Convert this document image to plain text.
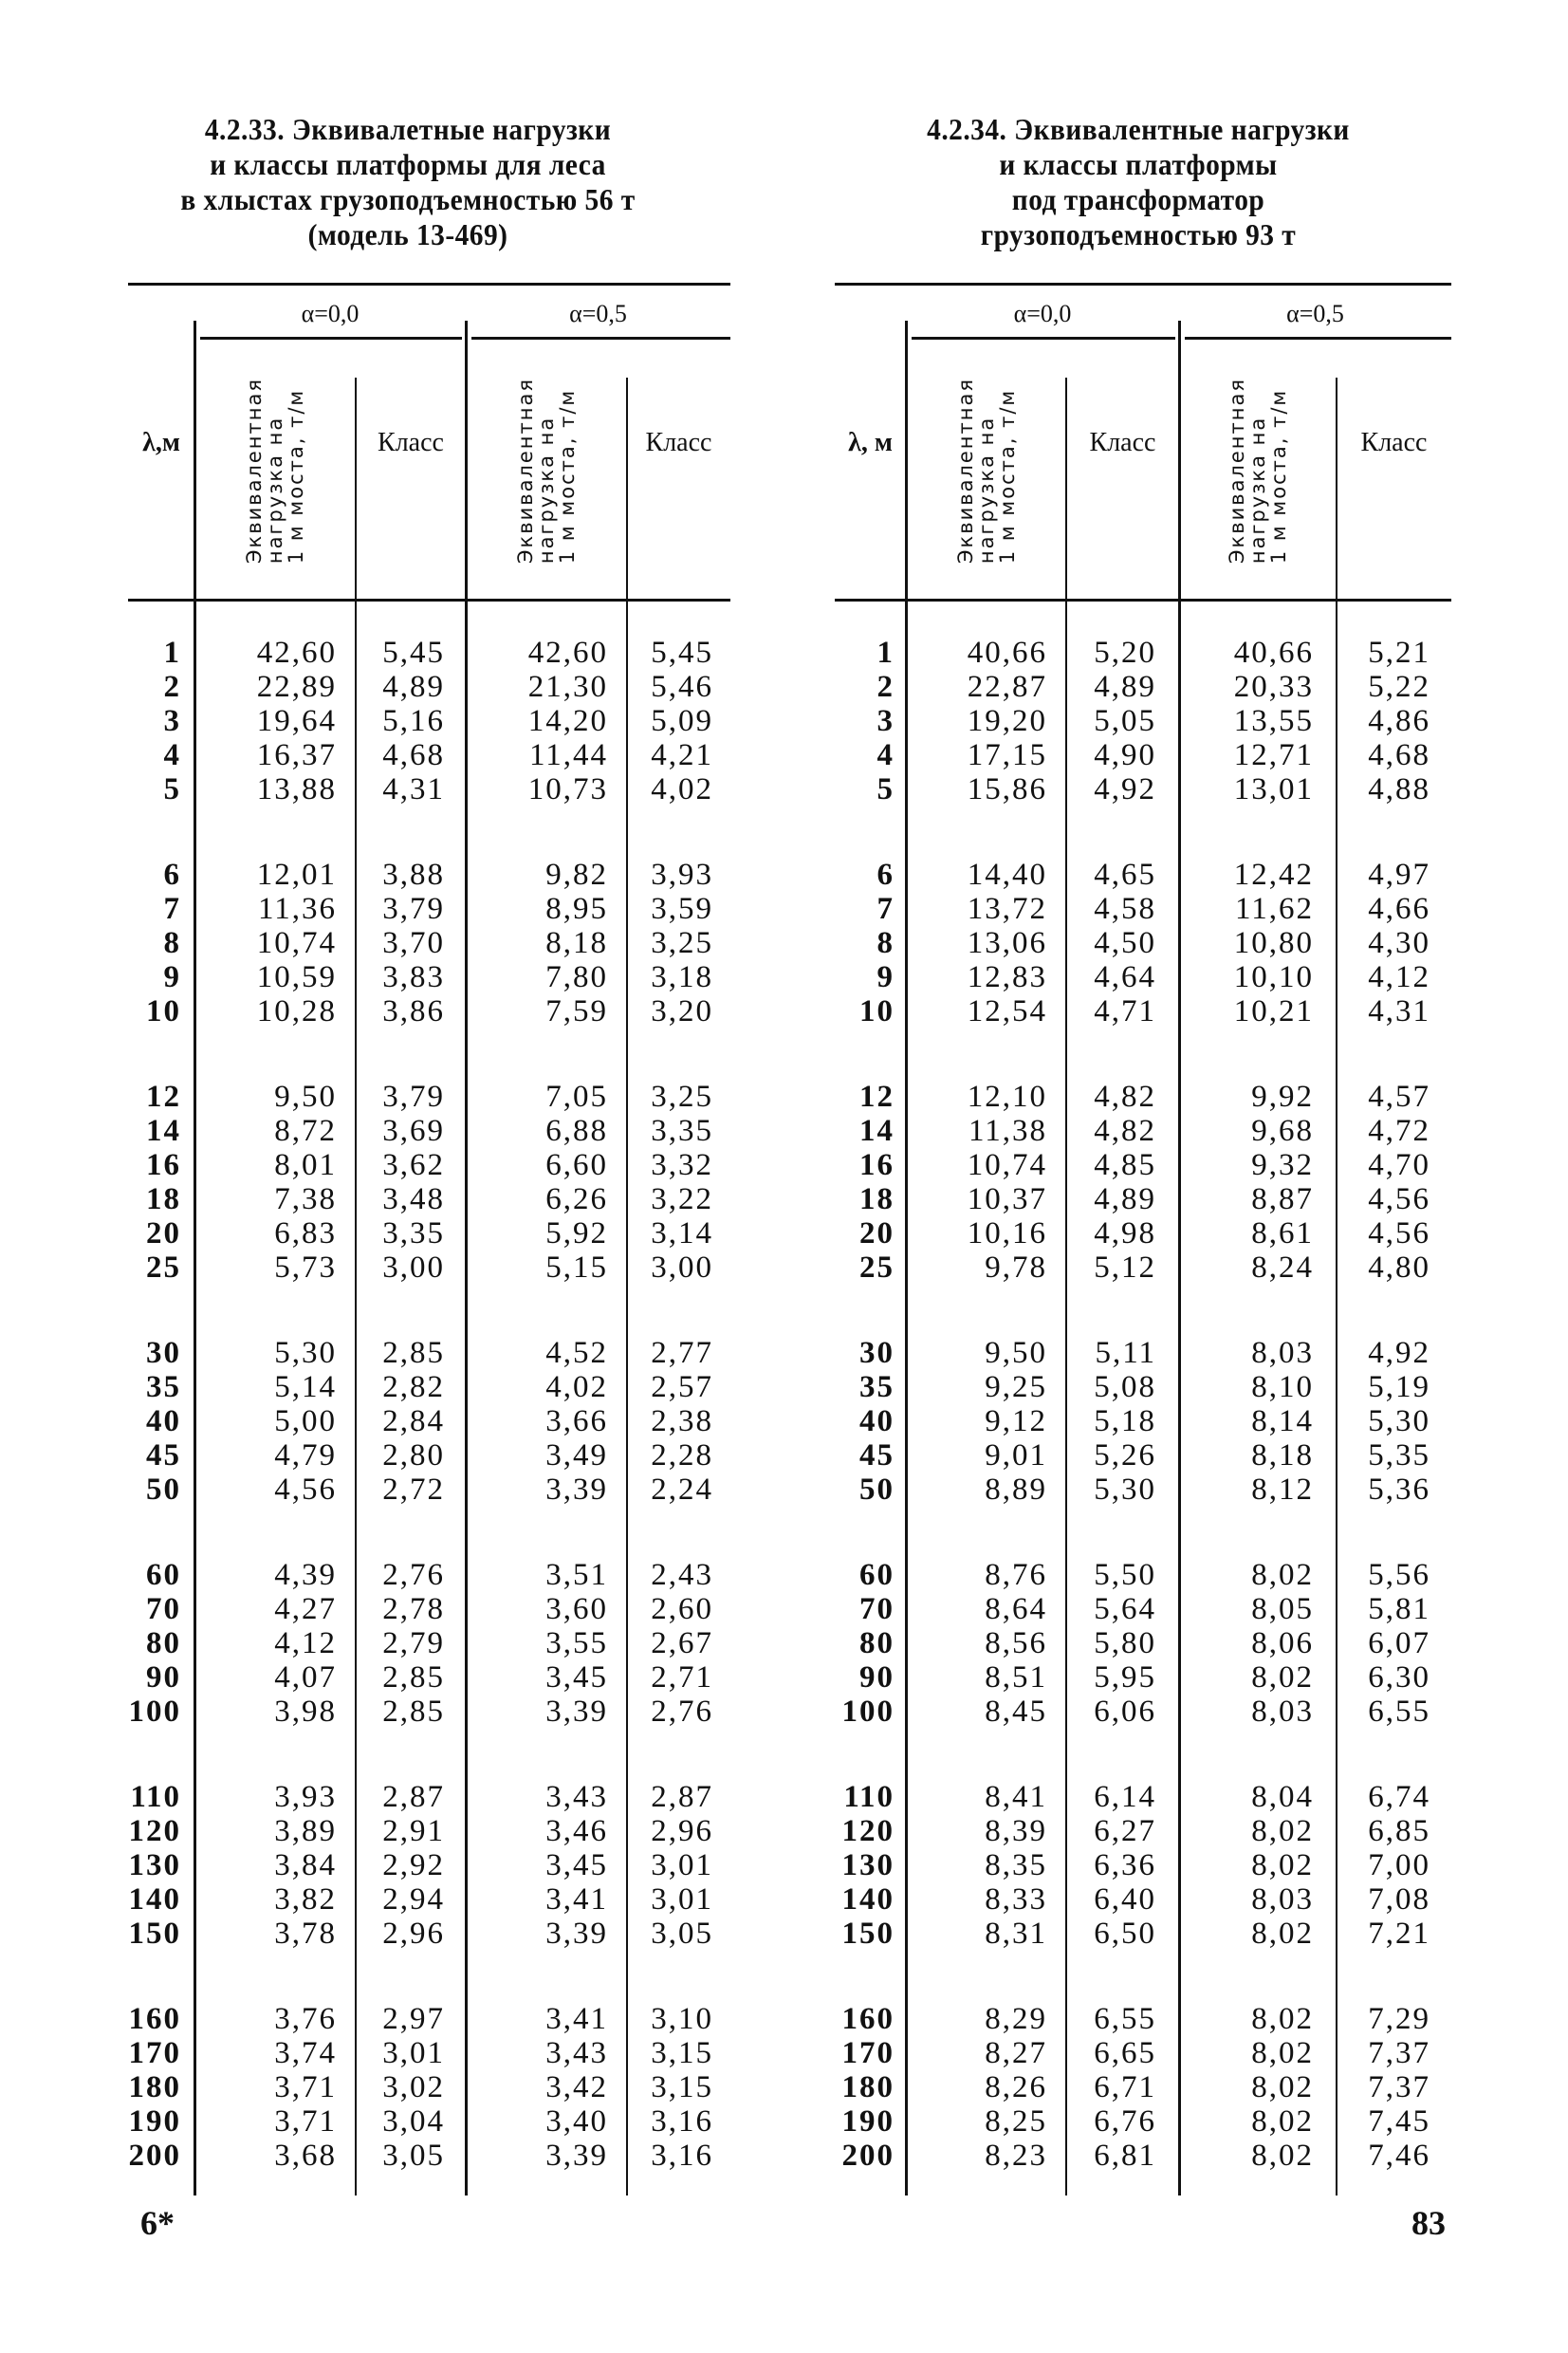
4.2.33. Эквивалетные нагрузки
и классы платформы для леса
в хлыстах грузоподъемностью 56 т
(модель 13-469)
4.2.34. Эквивалентные нагрузки
и классы платформы
под трансформатор
грузоподъемностью 93 т
λ,м
α=0,0	α=0,5
Эквивалентная
нагрузка на
1 м моста, т/м	Класс	Эквивалентная
нагрузка на
1 м моста, т/м	Класс
1	42,60	5,45	42,60	5,45
2	22,89	4,89	21,30	5,46
3	19,64	5,16	14,20	5,09
4	16,37	4,68	11,44	4,21
5	13,88	4,31	10,73	4,02
6	12,01	3,88	9,82	3,93
7	11,36	3,79	8,95	3,59
8	10,74	3,70	8,18	3,25
9	10,59	3,83	7,80	3,18
10	10,28	3,86	7,59	3,20
12	9,50	3,79	7,05	3,25
14	8,72	3,69	6,88	3,35
16	8,01	3,62	6,60	3,32
18	7,38	3,48	6,26	3,22
20	6,83	3,35	5,92	3,14
25	5,73	3,00	5,15	3,00
30	5,30	2,85	4,52	2,77
35	5,14	2,82	4,02	2,57
40	5,00	2,84	3,66	2,38
45	4,79	2,80	3,49	2,28
50	4,56	2,72	3,39	2,24
60	4,39	2,76	3,51	2,43
70	4,27	2,78	3,60	2,60
80	4,12	2,79	3,55	2,67
90	4,07	2,85	3,45	2,71
100	3,98	2,85	3,39	2,76
110	3,93	2,87	3,43	2,87
120	3,89	2,91	3,46	2,96
130	3,84	2,92	3,45	3,01
140	3,82	2,94	3,41	3,01
150	3,78	2,96	3,39	3,05
160	3,76	2,97	3,41	3,10
170	3,74	3,01	3,43	3,15
180	3,71	3,02	3,42	3,15
190	3,71	3,04	3,40	3,16
200	3,68	3,05	3,39	3,16
λ, м
α=0,0	α=0,5
Эквивалентная
нагрузка на
1 м моста, т/м	Класс	Эквивалентная
нагрузка на
1 м моста, т/м	Класс
1	40,66	5,20	40,66	5,21
2	22,87	4,89	20,33	5,22
3	19,20	5,05	13,55	4,86
4	17,15	4,90	12,71	4,68
5	15,86	4,92	13,01	4,88
6	14,40	4,65	12,42	4,97
7	13,72	4,58	11,62	4,66
8	13,06	4,50	10,80	4,30
9	12,83	4,64	10,10	4,12
10	12,54	4,71	10,21	4,31
12	12,10	4,82	9,92	4,57
14	11,38	4,82	9,68	4,72
16	10,74	4,85	9,32	4,70
18	10,37	4,89	8,87	4,56
20	10,16	4,98	8,61	4,56
25	9,78	5,12	8,24	4,80
30	9,50	5,11	8,03	4,92
35	9,25	5,08	8,10	5,19
40	9,12	5,18	8,14	5,30
45	9,01	5,26	8,18	5,35
50	8,89	5,30	8,12	5,36
60	8,76	5,50	8,02	5,56
70	8,64	5,64	8,05	5,81
80	8,56	5,80	8,06	6,07
90	8,51	5,95	8,02	6,30
100	8,45	6,06	8,03	6,55
110	8,41	6,14	8,04	6,74
120	8,39	6,27	8,02	6,85
130	8,35	6,36	8,02	7,00
140	8,33	6,40	8,03	7,08
150	8,31	6,50	8,02	7,21
160	8,29	6,55	8,02	7,29
170	8,27	6,65	8,02	7,37
180	8,26	6,71	8,02	7,37
190	8,25	6,76	8,02	7,45
200	8,23	6,81	8,02	7,46
6*	83
